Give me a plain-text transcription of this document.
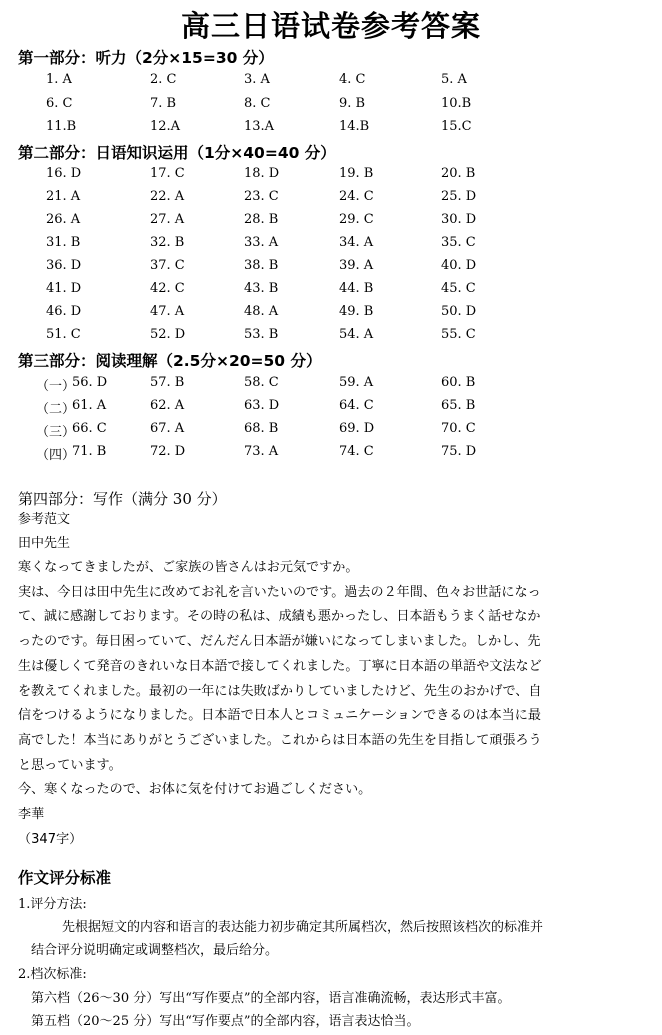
高三日语试卷参考答案
第一部分：听力（2分×15=30 分）
1. A	2. C	3. A	4. C	5. A
6. C	7. B	8. C	9. B	10.B
11.B	12.A	13.A	14.B	15.C
第二部分：日语知识运用（1分×40=40 分）
16. D	17. C	18. D	19. B	20. B
21. A	22. A	23. C	24. C	25. D
26. A	27. A	28. B	29. C	30. D
31. B	32. B	33. A	34. A	35. C
36. D	37. C	38. B	39. A	40. D
41. D	42. C	43. B	44. B	45. C
46. D	47. A	48. A	49. B	50. D
51. C	52. D	53. B	54. A	55. C
第三部分：阅读理解（2.5分×20=50 分）
（一）
56. D	57. B	58. C	59. A	60. B
（二）
61. A	62. A	63. D	64. C	65. B
（三）
66. C	67. A	68. B	69. D	70. C
（四）
71. B	72. D	73. A	74. C	75. D
第四部分：写作（满分 30 分）
参考范文
田中先生
寒くなってきましたが、ご家族の皆さんはお元気ですか。
実は、今日は田中先生に改めてお礼を言いたいのです。過去の２年間、色々お世話になっ
て、誠に感謝しております。その時の私は、成績も悪かったし、日本語もうまく話せなか
ったのです。毎日困っていて、だんだん日本語が嫌いになってしまいました。しかし、先
生は優しくて発音のきれいな日本語で接してくれました。丁寧に日本語の単語や文法など
を教えてくれました。最初の一年には失敗ばかりしていましたけど、先生のおかげで、自
信をつけるようになりました。日本語で日本人とコミュニケーションできるのは本当に最
高でした！本当にありがとうございました。これからは日本語の先生を目指して頑張ろう
と思っています。
今、寒くなったので、お体に気を付けてお過ごしください。
李華
（347字）
作文评分标准
1.评分方法:
先根据短文的内容和语言的表达能力初步确定其所属档次，然后按照该档次的标准并
结合评分说明确定或调整档次，最后给分。
2.档次标准:
第六档（26～30 分）写出“写作要点”的全部内容，语言准确流畅，表达形式丰富。
第五档（20～25 分）写出“写作要点”的全部内容，语言表达恰当。
